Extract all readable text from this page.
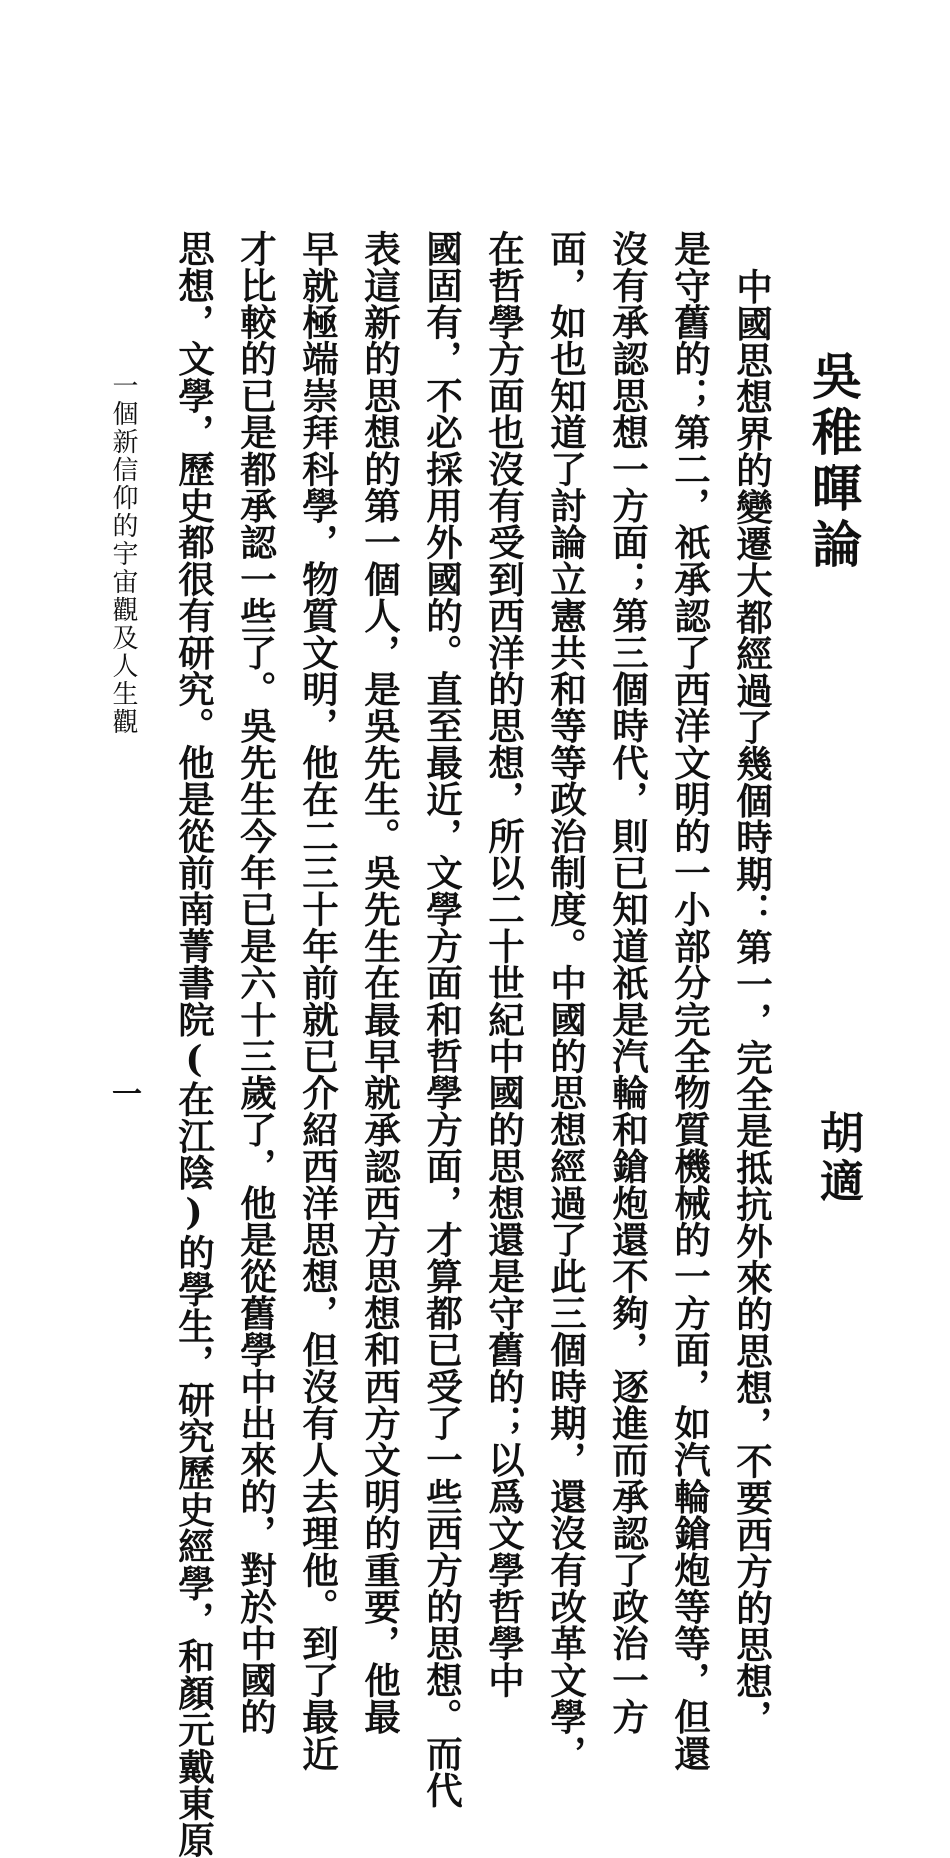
吳稚暉論
胡適
中國思想界的變遷大都經過了幾個時期：第一，完全是抵抗外來的思想，不要西方的思想，
是守舊的；第二，祇承認了西洋文明的一小部分完全物質機械的一方面，如汽輪鎗炮等等，但還
沒有承認思想一方面；第三個時代，則已知道祇是汽輪和鎗炮還不夠，逐進而承認了政治一方
面，如也知道了討論立憲共和等等政治制度。中國的思想經過了此三個時期，還沒有改革文學，
在哲學方面也沒有受到西洋的思想，所以二十世紀中國的思想還是守舊的；以爲文學哲學中
國固有，不必採用外國的。直至最近，文學方面和哲學方面，才算都已受了一些西方的思想。而代
表這新的思想的第一個人，是吳先生。吳先生在最早就承認西方思想和西方文明的重要，他最
早就極端崇拜科學，物質文明，他在二三十年前就已介紹西洋思想，但沒有人去理他。到了最近
才比較的已是都承認一些了。吳先生今年已是六十三歲了，他是從舊學中出來的，對於中國的
思想，文學，歷史都很有研究。他是從前南菁書院(在江陰)的學生，研究歷史經學，和顏元戴東原
一個新信仰的宇宙觀及人生觀
一
